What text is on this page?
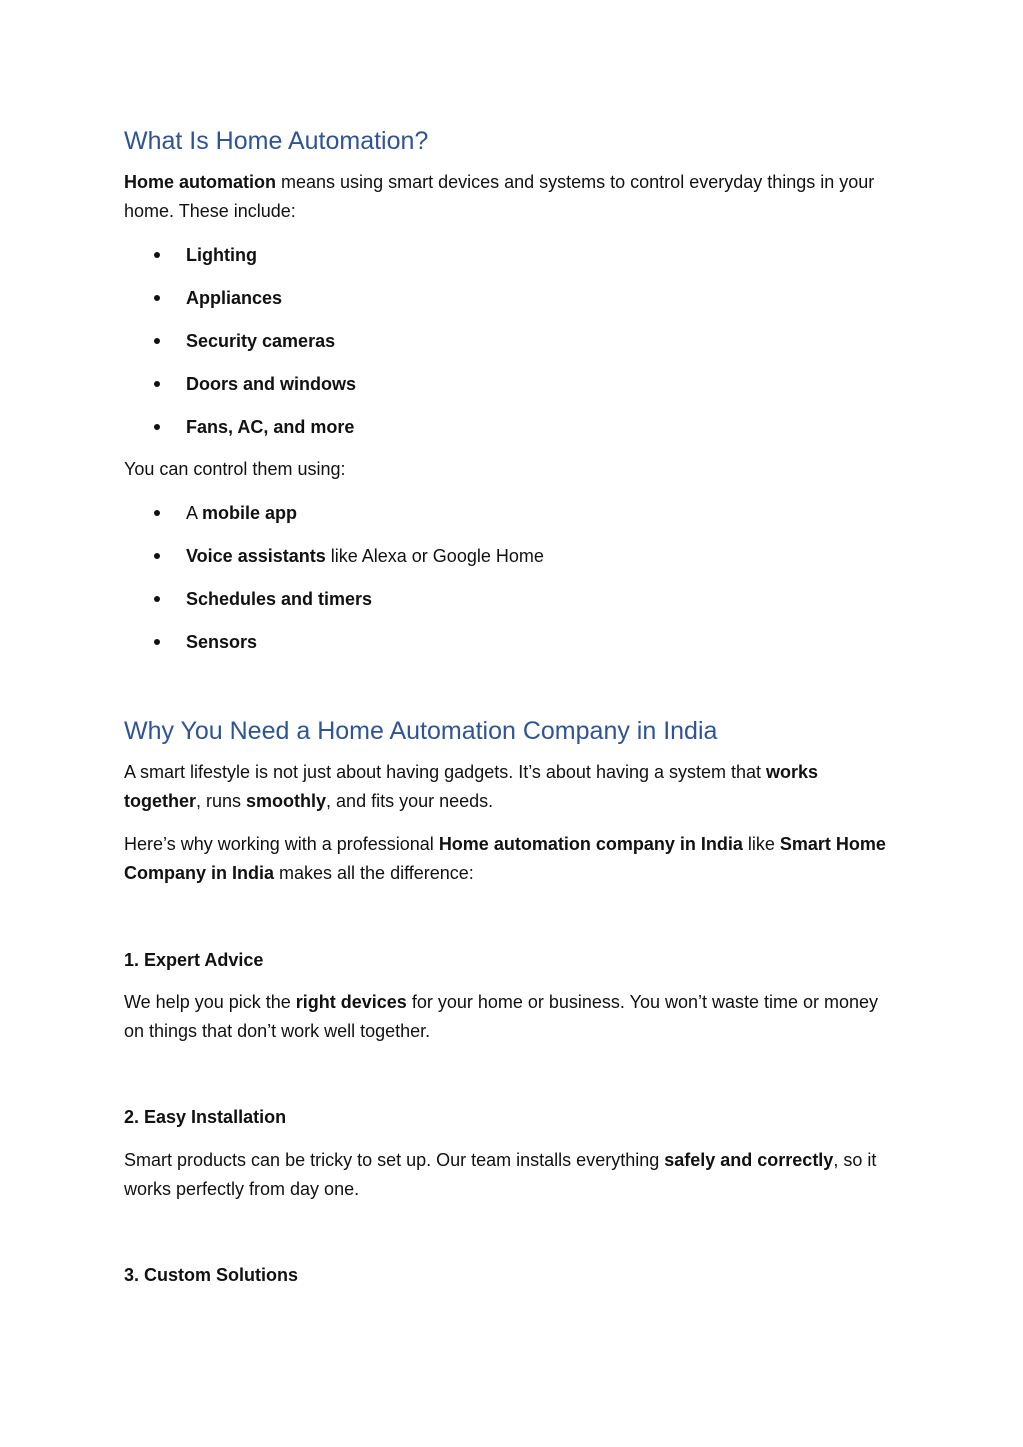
What Is Home Automation?

Home automation means using smart devices and systems to control everyday things in your home. These include:

Lighting
Appliances
Security cameras
Doors and windows
Fans, AC, and more

You can control them using:

A mobile app
Voice assistants like Alexa or Google Home
Schedules and timers
Sensors
Why You Need a Home Automation Company in India

A smart lifestyle is not just about having gadgets. It’s about having a system that works together, runs smoothly, and fits your needs.

Here’s why working with a professional Home automation company in India like Smart Home Company in India makes all the difference:

1. Expert Advice

We help you pick the right devices for your home or business. You won’t waste time or money on things that don’t work well together.

2. Easy Installation

Smart products can be tricky to set up. Our team installs everything safely and correctly, so it works perfectly from day one.

3. Custom Solutions
